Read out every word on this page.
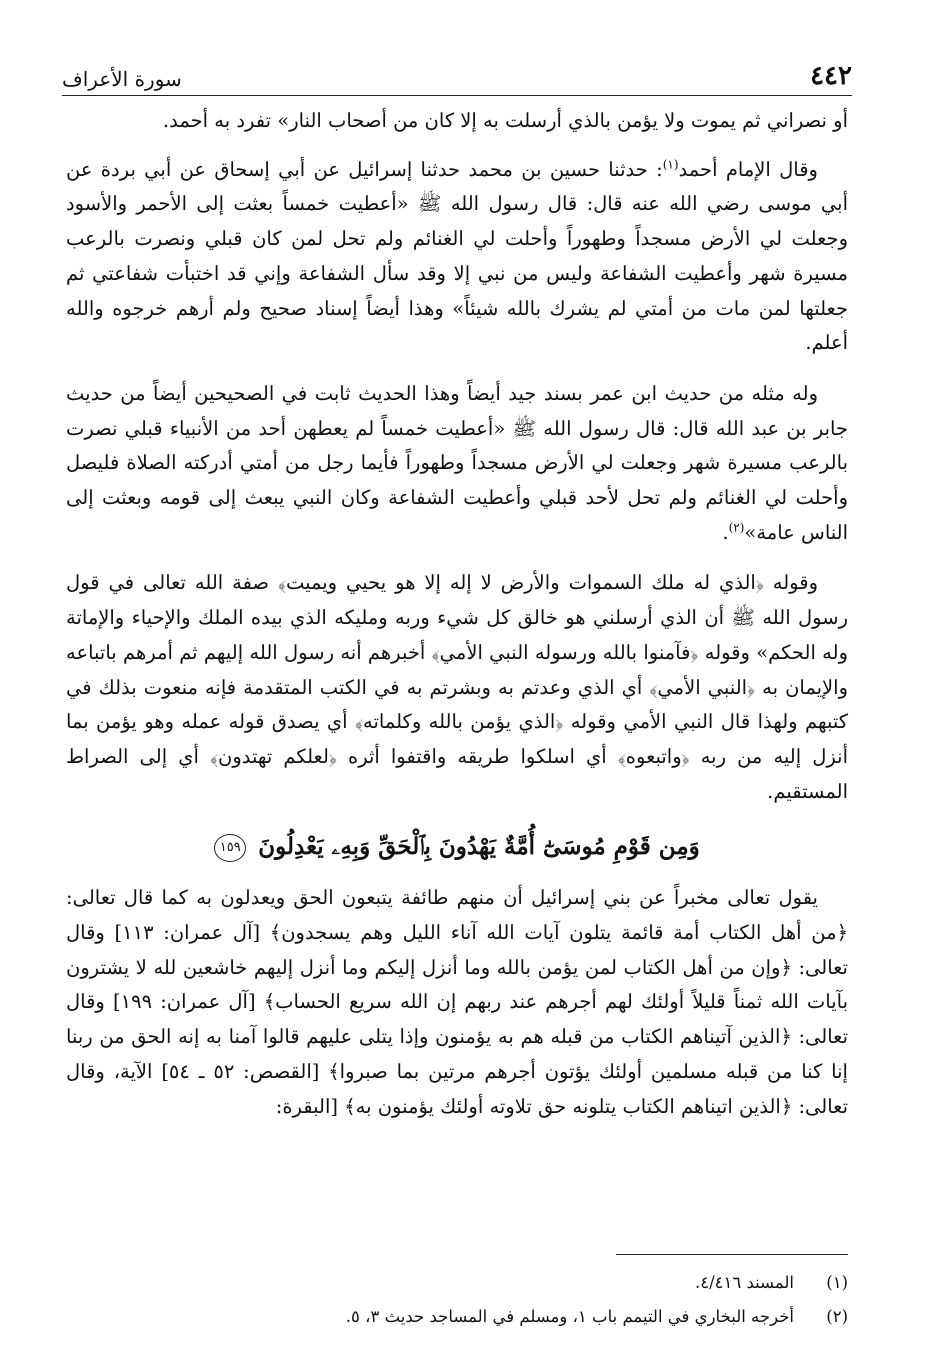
٤٤٢
سورة الأعراف

أو نصراني ثم يموت ولا يؤمن بالذي أرسلت به إلا كان من أصحاب النار» تفرد به أحمد.

وقال الإمام أحمد$^{(١)}$: حدثنا حسين بن محمد حدثنا إسرائيل عن أبي إسحاق عن أبي بردة عن أبي موسى رضي الله عنه قال: قال رسول الله ﷺ «أعطيت خمساً بعثت إلى الأحمر والأسود وجعلت لي الأرض مسجداً وطهوراً وأحلت لي الغنائم ولم تحل لمن كان قبلي ونصرت بالرعب مسيرة شهر وأعطيت الشفاعة وليس من نبي إلا وقد سأل الشفاعة وإني قد اختبأت شفاعتي ثم جعلتها لمن مات من أمتي لم يشرك بالله شيئاً» وهذا أيضاً إسناد صحيح ولم أرهم خرجوه والله أعلم.

وله مثله من حديث ابن عمر بسند جيد أيضاً وهذا الحديث ثابت في الصحيحين أيضاً من حديث جابر بن عبد الله قال: قال رسول الله ﷺ «أعطيت خمساً لم يعطهن أحد من الأنبياء قبلي نصرت بالرعب مسيرة شهر وجعلت لي الأرض مسجداً وطهوراً فأيما رجل من أمتي أدركته الصلاة فليصل وأحلت لي الغنائم ولم تحل لأحد قبلي وأعطيت الشفاعة وكان النبي يبعث إلى قومه وبعثت إلى الناس عامة»$^{(٢)}$.

وقوله ﴿الذي له ملك السموات والأرض لا إله إلا هو يحيي ويميت﴾ صفة الله تعالى في قول رسول الله ﷺ أن الذي أرسلني هو خالق كل شيء وربه ومليكه الذي بيده الملك والإحياء والإماتة وله الحكم» وقوله ﴿فآمنوا بالله ورسوله النبي الأمي﴾ أخبرهم أنه رسول الله إليهم ثم أمرهم باتباعه والإيمان به ﴿النبي الأمي﴾ أي الذي وعدتم به وبشرتم به في الكتب المتقدمة فإنه منعوت بذلك في كتبهم ولهذا قال النبي الأمي وقوله ﴿الذي يؤمن بالله وكلماته﴾ أي يصدق قوله عمله وهو يؤمن بما أنزل إليه من ربه ﴿واتبعوه﴾ أي اسلكوا طريقه واقتفوا أثره ﴿لعلكم تهتدون﴾ أي إلى الصراط المستقيم.

وَمِن قَوْمِ مُوسَىٰٓ أُمَّةٌ يَهْدُونَ بِٱلْحَقِّ وَبِهِۦ يَعْدِلُونَ ١٥٩

يقول تعالى مخبراً عن بني إسرائيل أن منهم طائفة يتبعون الحق ويعدلون به كما قال تعالى: ﴿من أهل الكتاب أمة قائمة يتلون آيات الله آناء الليل وهم يسجدون﴾ [آل عمران: ١١٣] وقال تعالى: ﴿وإن من أهل الكتاب لمن يؤمن بالله وما أنزل إليكم وما أنزل إليهم خاشعين لله لا يشترون بآيات الله ثمناً قليلاً أولئك لهم أجرهم عند ربهم إن الله سريع الحساب﴾ [آل عمران: ١٩٩] وقال تعالى: ﴿الذين آتيناهم الكتاب من قبله هم به يؤمنون وإذا يتلى عليهم قالوا آمنا به إنه الحق من ربنا إنا كنا من قبله مسلمين أولئك يؤتون أجرهم مرتين بما صبروا﴾ [القصص: ٥٢ ـ ٥٤] الآية، وقال تعالى: ﴿الذين اتيناهم الكتاب يتلونه حق تلاوته أولئك يؤمنون به﴾ [البقرة:

(١)
المسند ٤/٤١٦.
(٢)
أخرجه البخاري في التيمم باب ١، ومسلم في المساجد حديث ٣، ٥.
